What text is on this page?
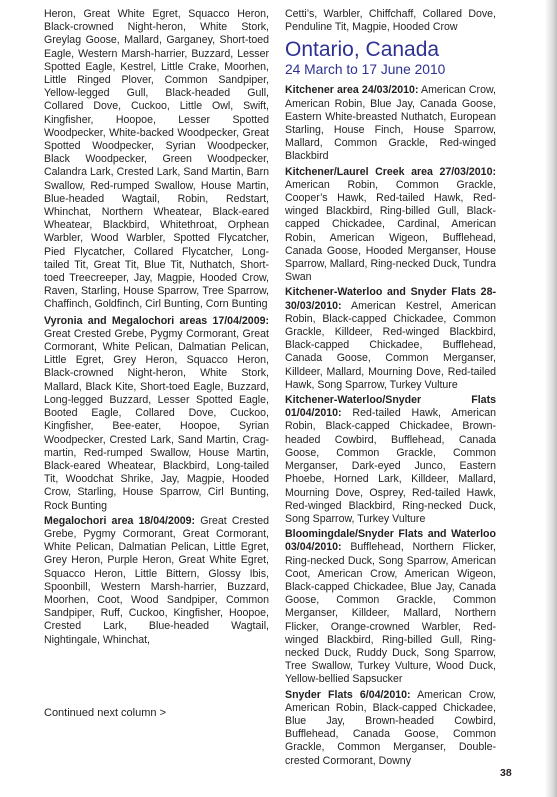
Heron, Great White Egret, Squacco Heron, Black-crowned Night-heron, White Stork, Greylag Goose, Mallard, Garganey, Short-toed Eagle, Western Marsh-harrier, Buzzard, Lesser Spotted Eagle, Kestrel, Little Crake, Moorhen, Little Ringed Plover, Common Sandpiper, Yellow-legged Gull, Black-headed Gull, Collared Dove, Cuckoo, Little Owl, Swift, Kingfisher, Hoopoe, Lesser Spotted Woodpecker, White-backed Woodpecker, Great Spotted Woodpecker, Syrian Woodpecker, Black Woodpecker, Green Woodpecker, Calandra Lark, Crested Lark, Sand Martin, Barn Swallow, Red-rumped Swallow, House Martin, Blue-headed Wagtail, Robin, Redstart, Whinchat, Northern Wheatear, Black-eared Wheatear, Blackbird, Whitethroat, Orphean Warbler, Wood Warbler, Spotted Flycatcher, Pied Flycatcher, Collared Flycatcher, Long- tailed Tit, Great Tit, Blue Tit, Nuthatch, Short-toed Treecreeper, Jay, Magpie, Hooded Crow, Raven, Starling, House Sparrow, Tree Sparrow, Chaffinch, Goldfinch, Cirl Bunting, Corn Bunting

Vyronia and Megalochori areas 17/04/2009: Great Crested Grebe, Pygmy Cormorant, Great Cormorant, White Pelican, Dalmatian Pelican, Little Egret, Grey Heron, Squacco Heron, Black-crowned Night-heron, White Stork, Mallard, Black Kite, Short-toed Eagle, Buzzard, Long-legged Buzzard, Lesser Spotted Eagle, Booted Eagle, Collared Dove, Cuckoo, Kingfisher, Bee-eater, Hoopoe, Syrian Woodpecker, Crested Lark, Sand Martin, Crag-martin, Red-rumped Swallow, House Martin, Black-eared Wheatear, Blackbird, Long-tailed Tit, Woodchat Shrike, Jay, Magpie, Hooded Crow, Starling, House Sparrow, Cirl Bunting, Rock Bunting

Megalochori area 18/04/2009: Great Crested Grebe, Pygmy Cormorant, Great Cormorant, White Pelican, Dalmatian Pelican, Little Egret, Grey Heron, Purple Heron, Great White Egret, Squacco Heron, Little Bittern, Glossy Ibis, Spoonbill, Western Marsh-harrier, Buzzard, Moorhen, Coot, Wood Sandpiper, Common Sandpiper, Ruff, Cuckoo, Kingfisher, Hoopoe, Crested Lark, Blue-headed Wagtail, Nightingale, Whinchat,

Continued next column >

Cetti’s, Warbler, Chiffchaff, Collared Dove, Penduline Tit, Magpie, Hooded Crow

Ontario, Canada
24 March to 17 June 2010

Kitchener area 24/03/2010: American Crow, American Robin, Blue Jay, Canada Goose, Eastern White-breasted Nuthatch, European Starling, House Finch, House Sparrow, Mallard, Common Grackle, Red-winged Blackbird

Kitchener/Laurel Creek area 27/03/2010: American Robin, Common Grackle, Cooper’s Hawk, Red-tailed Hawk, Red-winged Blackbird, Ring-billed Gull, Black-capped Chickadee, Cardinal, American Robin, American Wigeon, Bufflehead, Canada Goose, Hooded Merganser, House Sparrow, Mallard, Ring-necked Duck, Tundra Swan

Kitchener-Waterloo and Snyder Flats 28-30/03/2010: American Kestrel, American Robin, Black-capped Chickadee, Common Grackle, Killdeer, Red-winged Blackbird, Black-capped Chickadee, Bufflehead, Canada Goose, Common Merganser, Killdeer, Mallard, Mourning Dove, Red-tailed Hawk, Song Sparrow, Turkey Vulture

Kitchener-Waterloo/Snyder Flats 01/04/2010: Red-tailed Hawk, American Robin, Black-capped Chickadee, Brown-headed Cowbird, Bufflehead, Canada Goose, Common Grackle, Common Merganser, Dark-eyed Junco, Eastern Phoebe, Horned Lark, Killdeer, Mallard, Mourning Dove, Osprey, Red-tailed Hawk, Red-winged Blackbird, Ring-necked Duck, Song Sparrow, Turkey Vulture

Bloomingdale/Snyder Flats and Waterloo 03/04/2010: Bufflehead, Northern Flicker, Ring-necked Duck, Song Sparrow, American Coot, American Crow, American Wigeon, Black-capped Chickadee, Blue Jay, Canada Goose, Common Grackle, Common Merganser, Killdeer, Mallard, Northern Flicker, Orange-crowned Warbler, Red-winged Blackbird, Ring-billed Gull, Ring-necked Duck, Ruddy Duck, Song Sparrow, Tree Swallow, Turkey Vulture, Wood Duck, Yellow-bellied Sapsucker

Snyder Flats 6/04/2010: American Crow, American Robin, Black-capped Chickadee, Blue Jay, Brown-headed Cowbird, Bufflehead, Canada Goose, Common Grackle, Common Merganser, Double-crested Cormorant, Downy

38
